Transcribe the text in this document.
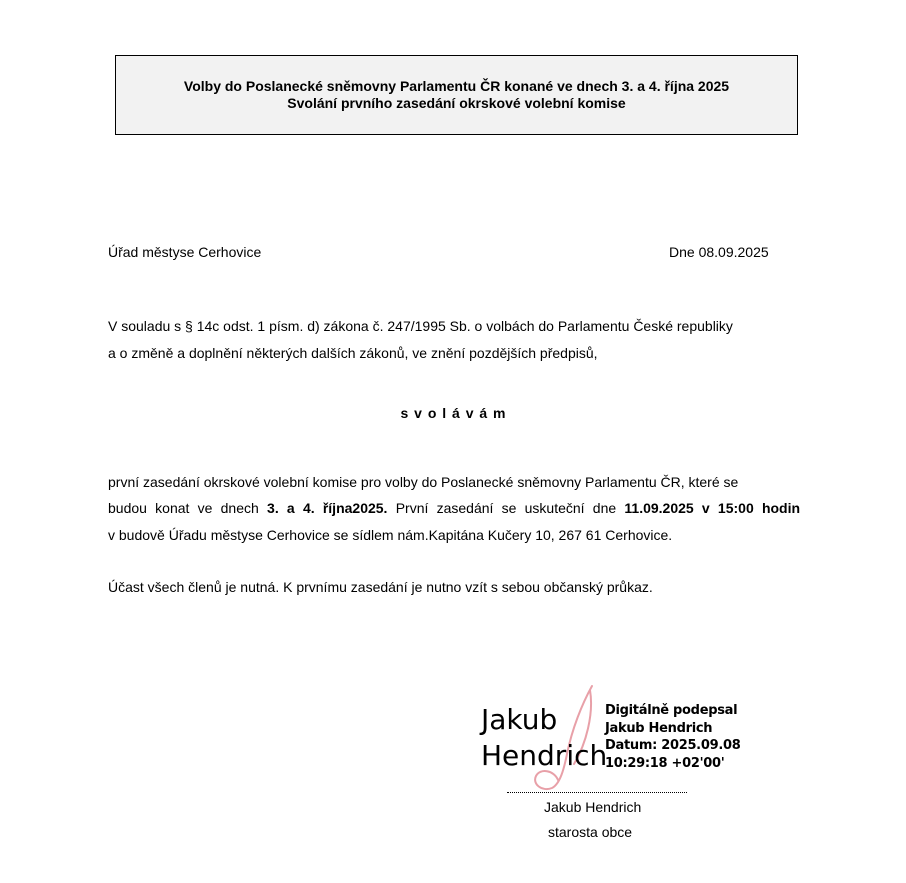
Volby do Poslanecké sněmovny Parlamentu ČR konané ve dnech 3. a 4. října 2025
Svolání prvního zasedání okrskové volební komise
Úřad městyse Cerhovice	Dne 08.09.2025
V souladu s § 14c odst. 1 písm. d) zákona č. 247/1995 Sb. o volbách do Parlamentu České republiky
a o změně a doplnění některých dalších zákonů, ve znění pozdějších předpisů,
svolávám
první zasedání okrskové volební komise pro volby do Poslanecké sněmovny Parlamentu ČR, které se
budou konat ve dnech 3. a 4. října2025. První zasedání se uskuteční dne 11.09.2025 v 15:00 hodin
v budově Úřadu městyse Cerhovice se sídlem nám.Kapitána Kučery 10, 267 61 Cerhovice.
Účast všech členů je nutná. K prvnímu zasedání je nutno vzít s sebou občanský průkaz.
Jakub
Hendrich
Digitálně podepsal
Jakub Hendrich
Datum: 2025.09.08
10:29:18 +02'00'
Jakub Hendrich
starosta obce
